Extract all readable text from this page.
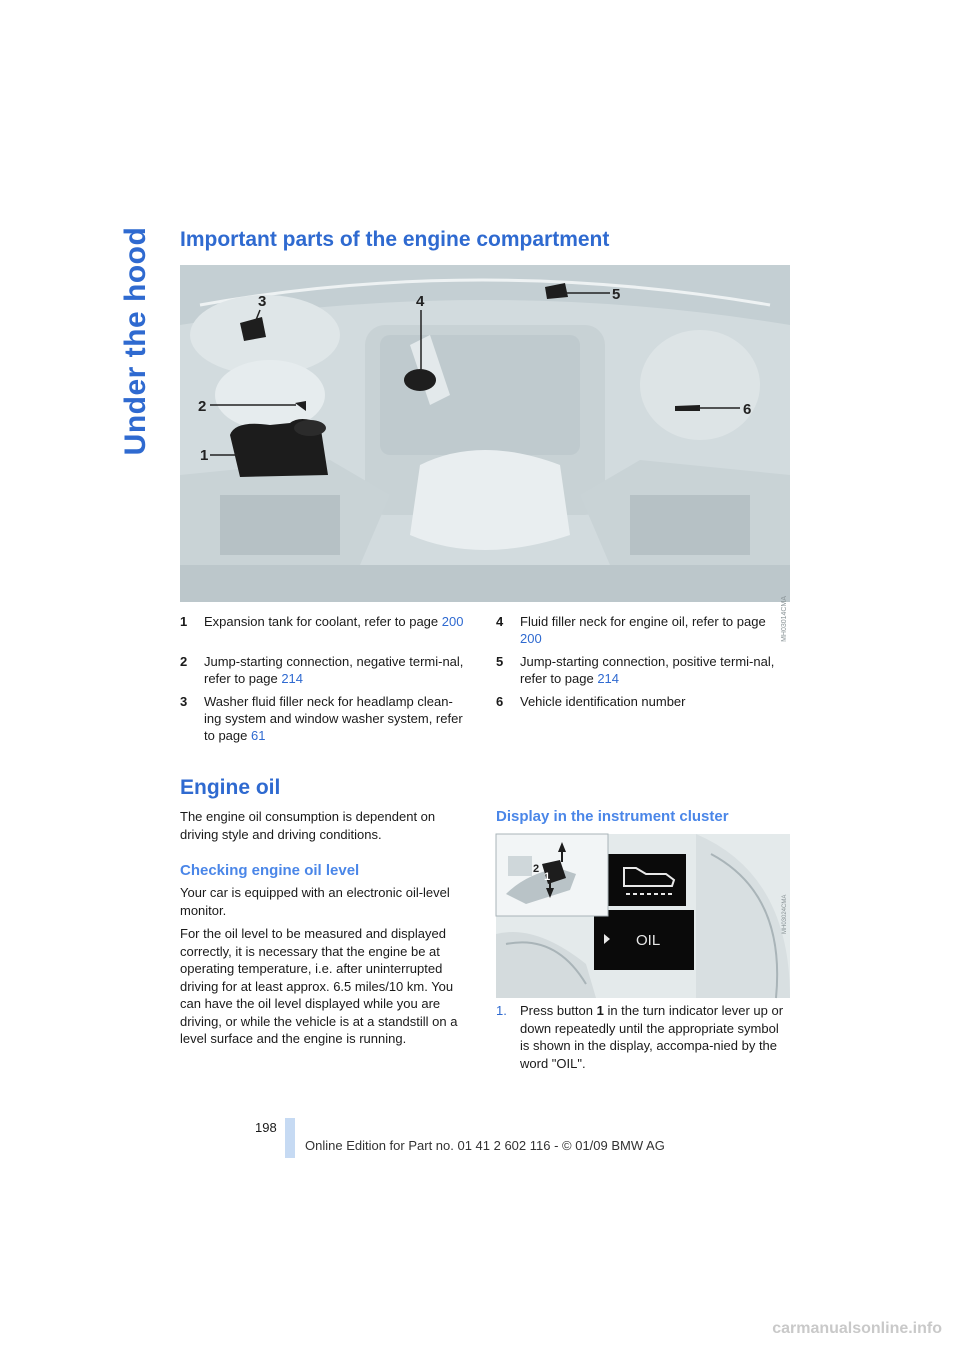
Under the hood Important parts of the engine compartment
1
2
3	4	5
6
MH03014CMA
1	Expansion tank for coolant, refer to page 200
2	Jump-starting connection, negative termi-nal, refer to page 214
3	Washer fluid filler neck for headlamp clean-ing system and window washer system, refer to page 61
4	Fluid filler neck for engine oil, refer to page 200
5	Jump-starting connection, positive termi-nal, refer to page 214
6	Vehicle identification number
Engine oil

The engine oil consumption is dependent on driving style and driving conditions.

Checking engine oil level

Your car is equipped with an electronic oil-level monitor.

For the oil level to be measured and displayed correctly, it is necessary that the engine be at operating temperature, i.e. after uninterrupted driving for at least approx. 6.5 miles/10 km. You can have the oil level displayed while you are driving, or while the vehicle is at a standstill on a level surface and the engine is running.

Display in the instrument cluster
OIL
2
1
MH03024CMA
1.	Press button 1 in the turn indicator lever up or down repeatedly until the appropriate symbol is shown in the display, accompa-nied by the word "OIL".
198
Online Edition for Part no. 01 41 2 602 116 - © 01/09 BMW AG
carmanualsonline.info
